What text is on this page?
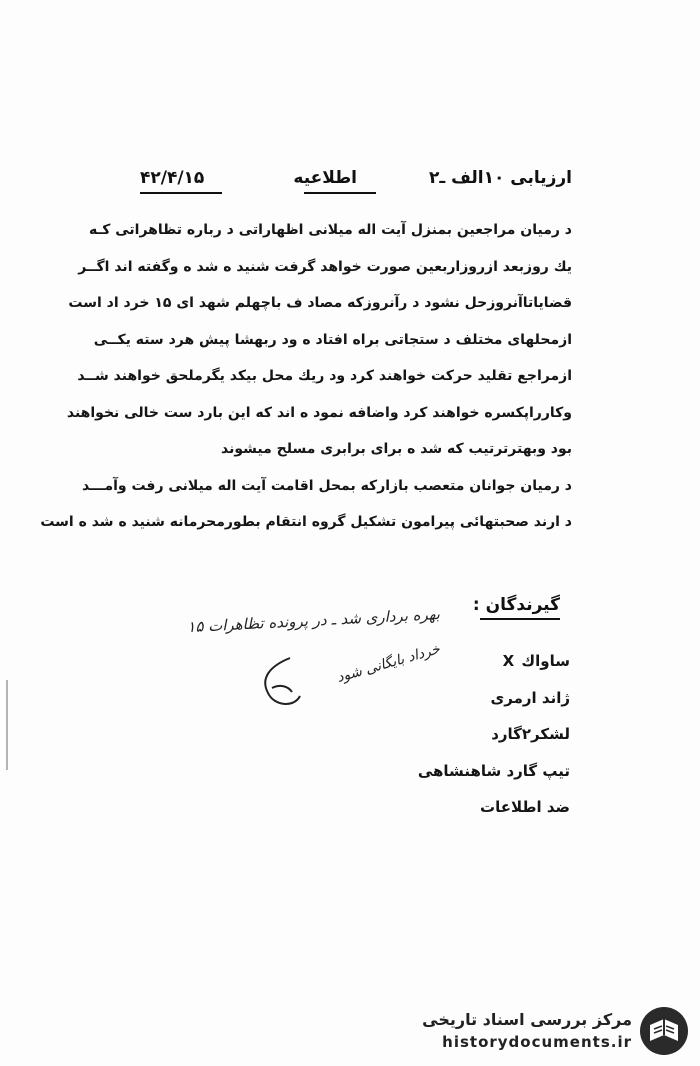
ارزیابی ۱۰الف ـ۲
اطلاعیه
۴۲/۴/۱۵
د رمیان مراجعین بمنزل آیت اله میلانی اظهاراتی د رباره تظاهراتی کـه
یك روزبعد ازروزاربعین صورت خواهد گرفت شنید ه شد ه وگفته اند اگــر
قضایاتاآنروزحل نشود د رآنروزکه مصاد ف باچهلم شهد ای ۱۵ خرد اد است
ازمحلهای مختلف د ستجاتی براه افتاد ه ود ربهشا پیش هرد سته یکــی
ازمراجع تقلید حرکت خواهند کرد ود ریك محل بیکد یگرملحق خواهند شــد
وکارراپکسره خواهند کرد واضافه نمود ه اند که این بارد ست خالی نخواهند
بود وبهترترتیب که شد ه برای برابری مسلح میشوند
د رمیان جوانان متعصب بازارکه بمحل اقامت آیت اله میلانی رفت وآمـــد
د ارند صحبتهائی پیرامون تشکیل گروه انتقام بطورمحرمانه شنید ه شد ه است
گیرندگان :
بهره برداری شد ـ در پرونده تظاهرات ۱۵
خرداد بایگانی شود	ساواك X
ژاند ارمری
لشکر۲گارد
تیپ گارد شاهنشاهی
ضد اطلاعات
مرکز بررسی اسناد تاریخی
historydocuments.ir
